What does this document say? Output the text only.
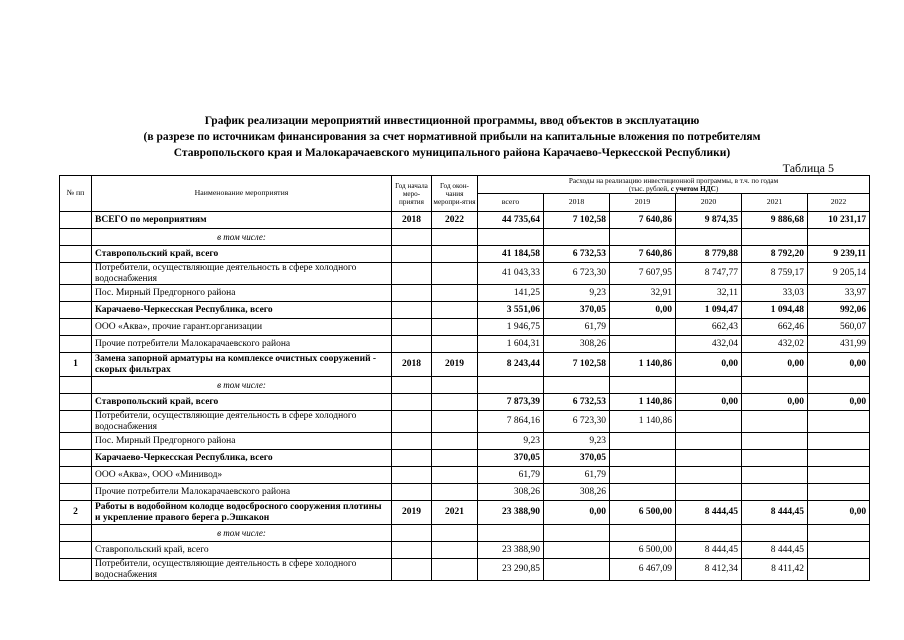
График реализации мероприятий инвестиционной программы, ввод объектов в эксплуатацию
(в разрезе по источникам финансирования за счет нормативной прибыли на капитальные вложения по потребителям
Ставропольского края и Малокарачаевского муниципального района Карачаево-Черкесской Республики)
Таблица 5
№ пп	Наименование мероприятия	Год начала меро-приятия	Год окон-чания меропри-ятия	Расходы на реализацию инвестиционной программы, в т.ч. по годам
(тыс. рублей, с учетом НДС)					
				всего	2018	2019	2020	2021	2022
	ВСЕГО по мероприятиям	2018	2022	44 735,64	7 102,58	7 640,86	9 874,35	9 886,68	10 231,17
	в том числе:								
	Ставропольский край, всего			41 184,58	6 732,53	7 640,86	8 779,88	8 792,20	9 239,11
	Потребители, осуществляющие деятельность в сфере холодного водоснабжения			41 043,33	6 723,30	7 607,95	8 747,77	8 759,17	9 205,14
	Пос. Мирный Предгорного района			141,25	9,23	32,91	32,11	33,03	33,97
	Карачаево-Черкесская Республика, всего			3 551,06	370,05	0,00	1 094,47	1 094,48	992,06
	ООО «Аква», прочие гарант.организации			1 946,75	61,79		662,43	662,46	560,07
	Прочие потребители Малокарачаевского района			1 604,31	308,26		432,04	432,02	431,99
1	Замена запорной арматуры на комплексе очистных сооружений - скорых фильтрах	2018	2019	8 243,44	7 102,58	1 140,86	0,00	0,00	0,00
	в том числе:								
	Ставропольский край, всего			7 873,39	6 732,53	1 140,86	0,00	0,00	0,00
	Потребители, осуществляющие деятельность в сфере холодного водоснабжения			7 864,16	6 723,30	1 140,86			
	Пос. Мирный Предгорного района			9,23	9,23				
	Карачаево-Черкесская Республика, всего			370,05	370,05				
	ООО «Аква», ООО «Минивод»			61,79	61,79				
	Прочие потребители Малокарачаевского района			308,26	308,26				
2	Работы в водобойном колодце водосбросного сооружения плотины и укрепление правого берега р.Эшкакон	2019	2021	23 388,90	0,00	6 500,00	8 444,45	8 444,45	0,00
	в том числе:								
	Ставропольский край, всего			23 388,90		6 500,00	8 444,45	8 444,45	
	Потребители, осуществляющие деятельность в сфере холодного водоснабжения			23 290,85		6 467,09	8 412,34	8 411,42	
